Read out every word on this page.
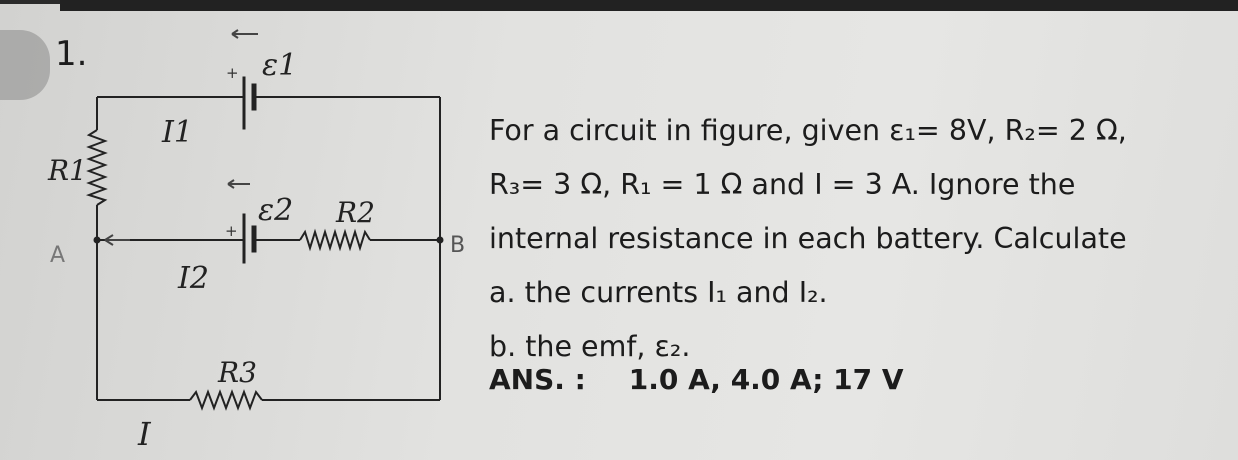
1.	+
+
ε1
ε2 R2
R1
R3
I1
I2
I
A	B
For a circuit in figure, given ε₁= 8V, R₂= 2 Ω,
R₃= 3 Ω, R₁ = 1 Ω and I = 3 A. Ignore the
internal resistance in each battery. Calculate
a. the currents I₁ and I₂.
b. the emf, ε₂.
ANS. : 1.0 A, 4.0 A; 17 V
